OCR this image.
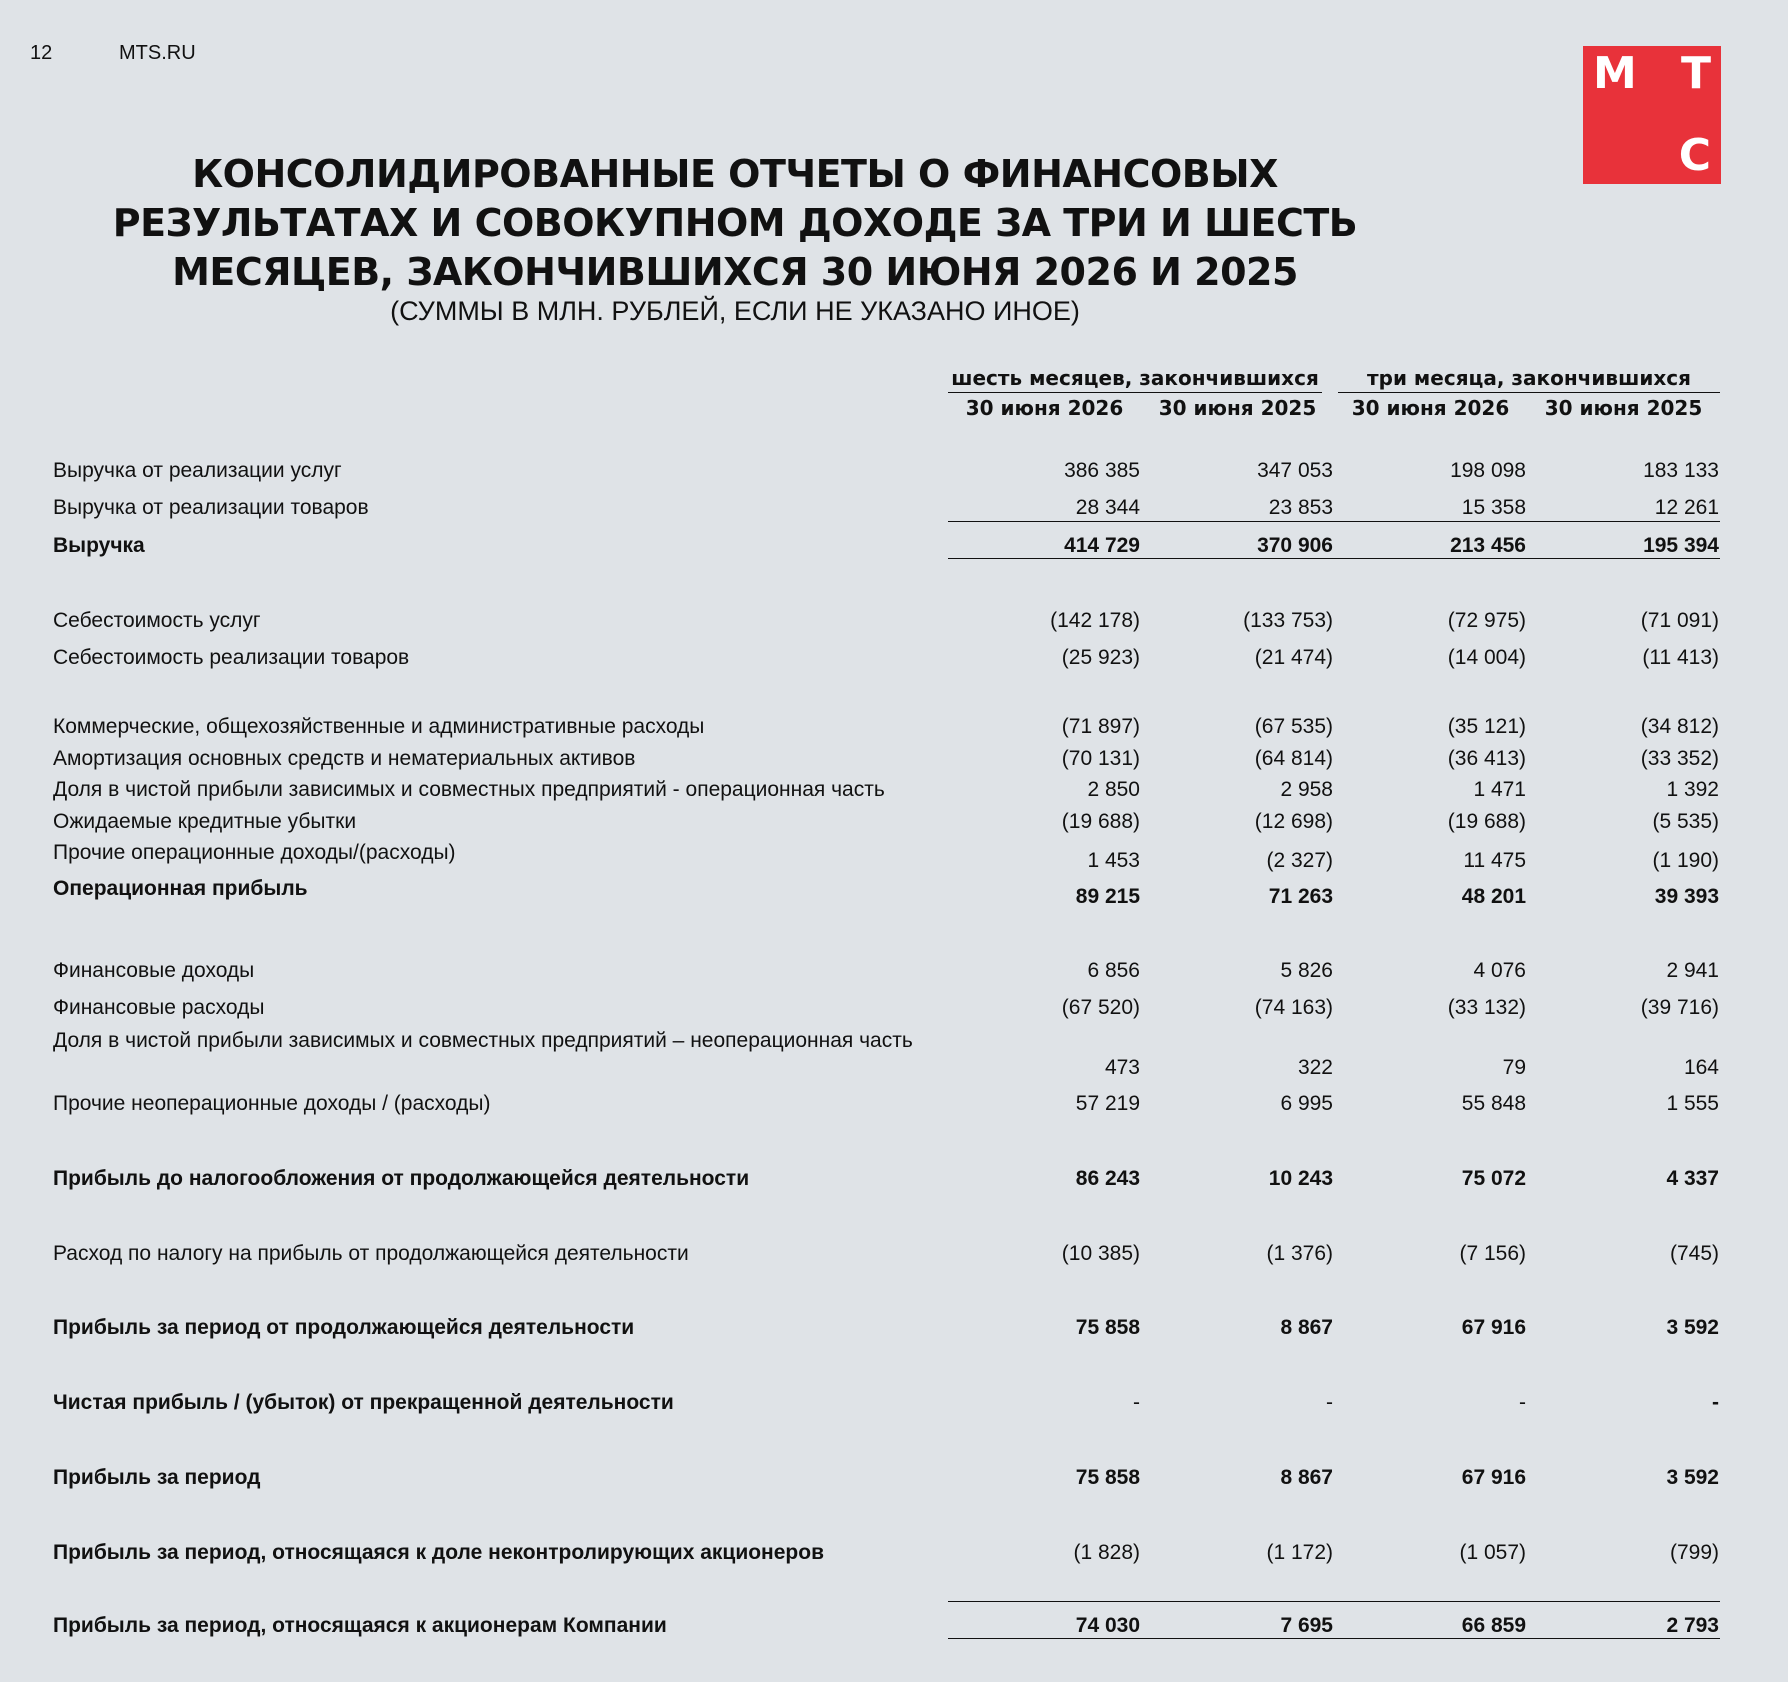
12	MTS.RU	М Т
С
КОНСОЛИДИРОВАННЫЕ ОТЧЕТЫ О ФИНАНСОВЫХ
РЕЗУЛЬТАТАХ И СОВОКУПНОМ ДОХОДЕ ЗА ТРИ И ШЕСТЬ
МЕСЯЦЕВ, ЗАКОНЧИВШИХСЯ 30 ИЮНЯ 2026 И 2025

(СУММЫ В МЛН. РУБЛЕЙ, ЕСЛИ НЕ УКАЗАНО ИНОЕ)

шесть месяцев, закончившихся	три месяца, закончившихся
30 июня 2026	30 июня 2025	30 июня 2026	30 июня 2025
Выручка от реализации услуг	386 385	347 053	198 098	183 133
Выручка от реализации товаров	28 344	23 853	15 358	12 261
Выручка	414 729	370 906	213 456	195 394
Себестоимость услуг	(142 178)	(133 753)	(72 975)	(71 091)
Себестоимость реализации товаров	(25 923)	(21 474)	(14 004)	(11 413)
Коммерческие, общехозяйственные и административные расходы	(71 897)	(67 535)	(35 121)	(34 812)
Амортизация основных средств и нематериальных активов	(70 131)	(64 814)	(36 413)	(33 352)
Доля в чистой прибыли зависимых и совместных предприятий - операционная часть	2 850	2 958	1 471	1 392
Ожидаемые кредитные убытки	(19 688)	(12 698)	(19 688)	(5 535)
Прочие операционные доходы/(расходы)	1 453	(2 327)	11 475	(1 190)
Операционная прибыль	89 215	71 263	48 201	39 393
Финансовые доходы	6 856	5 826	4 076	2 941
Финансовые расходы	(67 520)	(74 163)	(33 132)	(39 716)
Доля в чистой прибыли зависимых и совместных предприятий – неоперационная часть
473	322	79	164
Прочие неоперационные доходы / (расходы)	57 219	6 995	55 848	1 555
Прибыль до налогообложения от продолжающейся деятельности	86 243	10 243	75 072	4 337
Расход по налогу на прибыль от продолжающейся деятельности	(10 385)	(1 376)	(7 156)	(745)
Прибыль за период от продолжающейся деятельности	75 858	8 867	67 916	3 592
Чистая прибыль / (убыток) от прекращенной деятельности	-	-	-	-
Прибыль за период	75 858	8 867	67 916	3 592
Прибыль за период, относящаяся к доле неконтролирующих акционеров	(1 828)	(1 172)	(1 057)	(799)
Прибыль за период, относящаяся к акционерам Компании	74 030	7 695	66 859	2 793
